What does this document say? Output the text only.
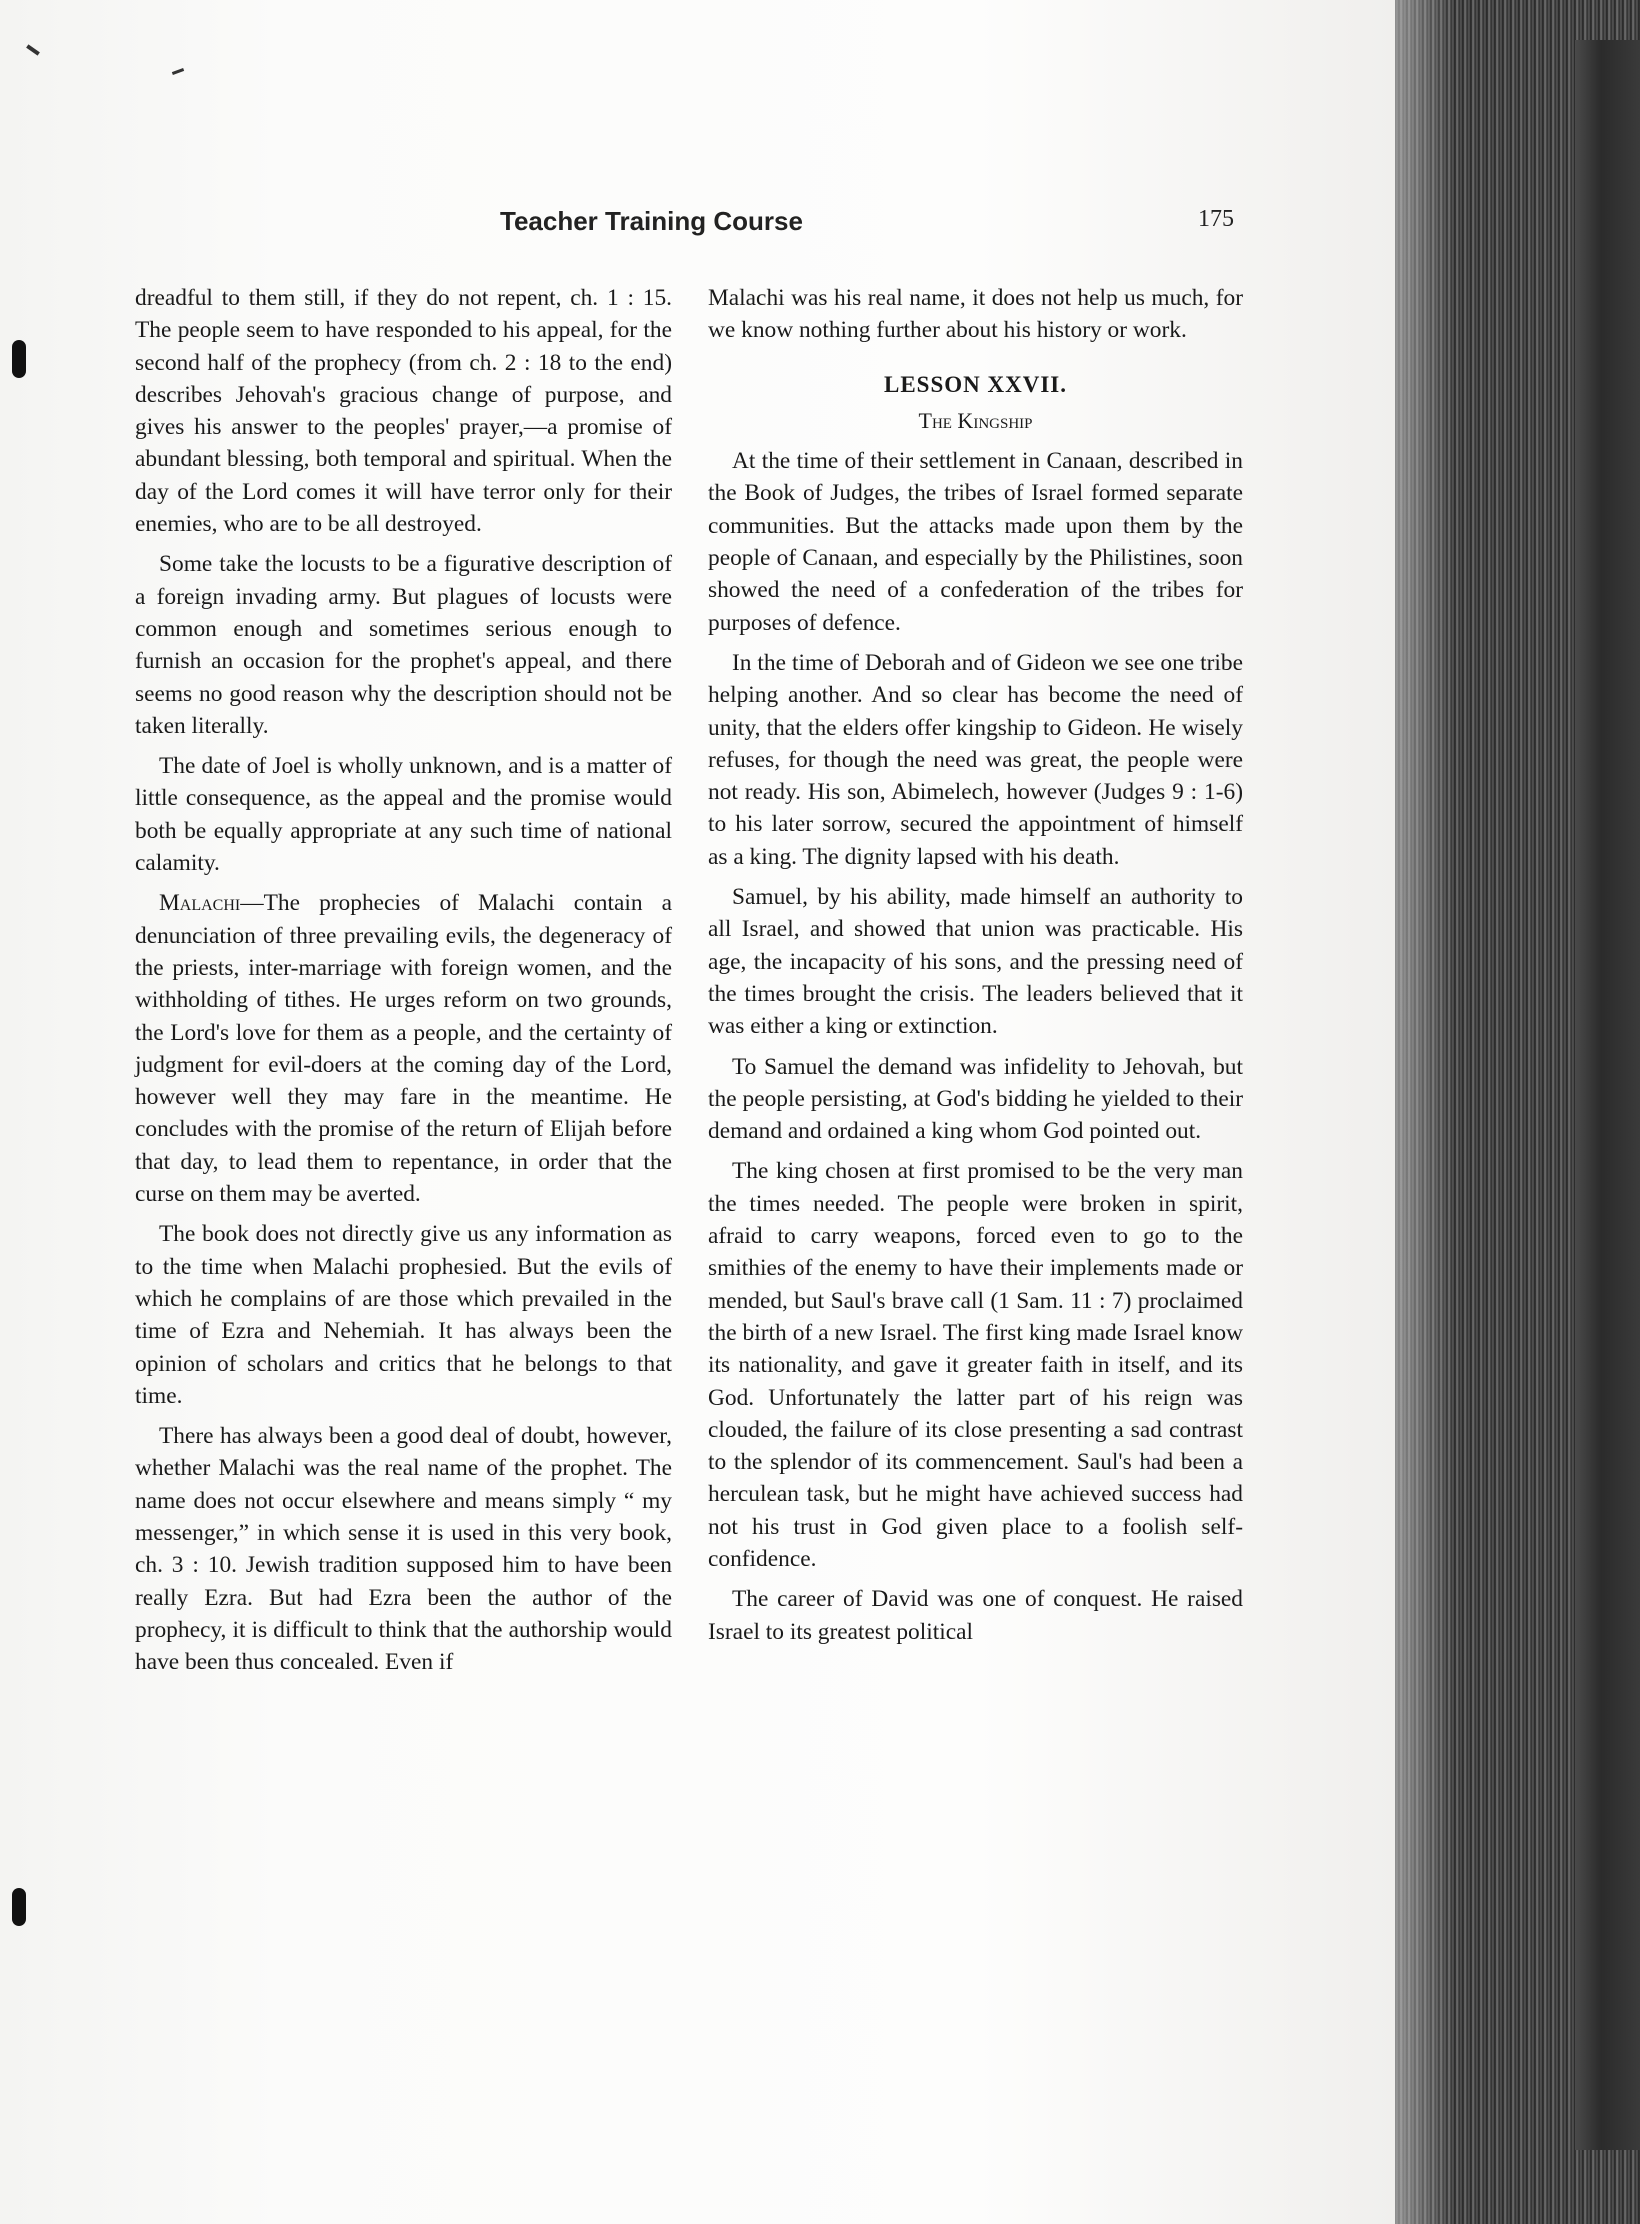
Teacher Training Course	175

dreadful to them still, if they do not repent, ch. 1 : 15. The people seem to have responded to his appeal, for the second half of the prophecy (from ch. 2 : 18 to the end) describes Jehovah's gracious change of purpose, and gives his answer to the peoples' prayer,—a promise of abundant blessing, both temporal and spiritual. When the day of the Lord comes it will have terror only for their enemies, who are to be all destroyed.

Some take the locusts to be a figurative description of a foreign invading army. But plagues of locusts were common enough and sometimes serious enough to furnish an occasion for the prophet's appeal, and there seems no good reason why the description should not be taken literally.

The date of Joel is wholly unknown, and is a matter of little consequence, as the appeal and the promise would both be equally appropriate at any such time of national calamity.

Malachi—The prophecies of Malachi contain a denunciation of three prevailing evils, the degeneracy of the priests, inter-marriage with foreign women, and the withholding of tithes. He urges reform on two grounds, the Lord's love for them as a people, and the certainty of judgment for evil-doers at the coming day of the Lord, however well they may fare in the meantime. He concludes with the promise of the return of Elijah before that day, to lead them to repentance, in order that the curse on them may be averted.

The book does not directly give us any information as to the time when Malachi prophesied. But the evils of which he complains of are those which prevailed in the time of Ezra and Nehemiah. It has always been the opinion of scholars and critics that he belongs to that time.

There has always been a good deal of doubt, however, whether Malachi was the real name of the prophet. The name does not occur elsewhere and means simply “ my messenger,” in which sense it is used in this very book, ch. 3 : 10. Jewish tradition supposed him to have been really Ezra. But had Ezra been the author of the prophecy, it is difficult to think that the authorship would have been thus concealed. Even if

Malachi was his real name, it does not help us much, for we know nothing further about his history or work.

LESSON XXVII.
The Kingship

At the time of their settlement in Canaan, described in the Book of Judges, the tribes of Israel formed separate communities. But the attacks made upon them by the people of Canaan, and especially by the Philistines, soon showed the need of a confederation of the tribes for purposes of defence.

In the time of Deborah and of Gideon we see one tribe helping another. And so clear has become the need of unity, that the elders offer kingship to Gideon. He wisely refuses, for though the need was great, the people were not ready. His son, Abimelech, however (Judges 9 : 1-6) to his later sorrow, secured the appointment of himself as a king. The dignity lapsed with his death.

Samuel, by his ability, made himself an authority to all Israel, and showed that union was practicable. His age, the incapacity of his sons, and the pressing need of the times brought the crisis. The leaders believed that it was either a king or extinction.

To Samuel the demand was infidelity to Jehovah, but the people persisting, at God's bidding he yielded to their demand and ordained a king whom God pointed out.

The king chosen at first promised to be the very man the times needed. The people were broken in spirit, afraid to carry weapons, forced even to go to the smithies of the enemy to have their implements made or mended, but Saul's brave call (1 Sam. 11 : 7) proclaimed the birth of a new Israel. The first king made Israel know its nationality, and gave it greater faith in itself, and its God. Unfortunately the latter part of his reign was clouded, the failure of its close presenting a sad contrast to the splendor of its commencement. Saul's had been a herculean task, but he might have achieved success had not his trust in God given place to a foolish self-confidence.

The career of David was one of conquest. He raised Israel to its greatest political
